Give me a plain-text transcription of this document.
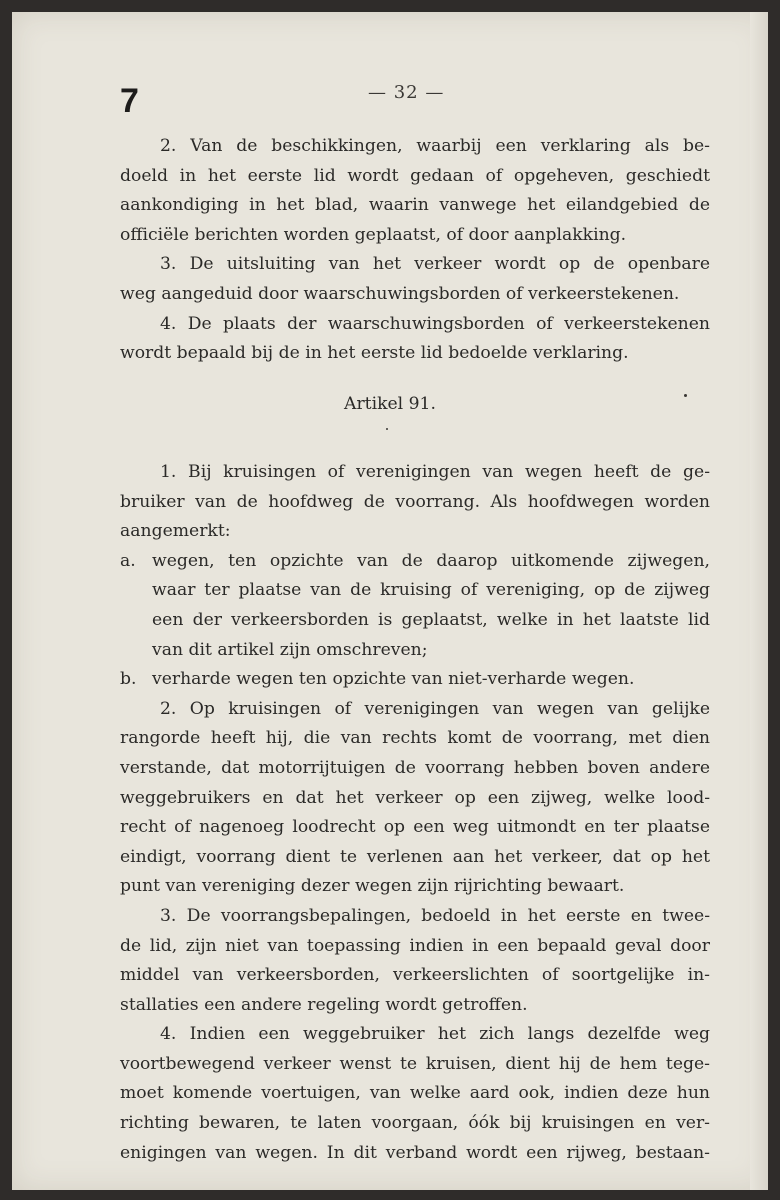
7	— 32 —
2. Van de beschikkingen, waarbij een verklaring als be-
doeld in het eerste lid wordt gedaan of opgeheven, geschiedt
aankondiging in het blad, waarin vanwege het eilandgebied de
officiële berichten worden geplaatst, of door aanplakking.
3. De uitsluiting van het verkeer wordt op de openbare
weg aangeduid door waarschuwingsborden of verkeerstekenen.
4. De plaats der waarschuwingsborden of verkeerstekenen
wordt bepaald bij de in het eerste lid bedoelde verklaring.
Artikel 91.
1. Bij kruisingen of verenigingen van wegen heeft de ge-
bruiker van de hoofdweg de voorrang. Als hoofdwegen worden
aangemerkt:
a. wegen, ten opzichte van de daarop uitkomende zijwegen,
waar ter plaatse van de kruising of vereniging, op de zijweg
een der verkeersborden is geplaatst, welke in het laatste lid
van dit artikel zijn omschreven;
b. verharde wegen ten opzichte van niet-verharde wegen.
2. Op kruisingen of verenigingen van wegen van gelijke
rangorde heeft hij, die van rechts komt de voorrang, met dien
verstande, dat motorrijtuigen de voorrang hebben boven andere
weggebruikers en dat het verkeer op een zijweg, welke lood-
recht of nagenoeg loodrecht op een weg uitmondt en ter plaatse
eindigt, voorrang dient te verlenen aan het verkeer, dat op het
punt van vereniging dezer wegen zijn rijrichting bewaart.
3. De voorrangsbepalingen, bedoeld in het eerste en twee-
de lid, zijn niet van toepassing indien in een bepaald geval door
middel van verkeersborden, verkeerslichten of soortgelijke in-
stallaties een andere regeling wordt getroffen.
4. Indien een weggebruiker het zich langs dezelfde weg
voortbewegend verkeer wenst te kruisen, dient hij de hem tege-
moet komende voertuigen, van welke aard ook, indien deze hun
richting bewaren, te laten voorgaan, óók bij kruisingen en ver-
enigingen van wegen. In dit verband wordt een rijweg, bestaan-
